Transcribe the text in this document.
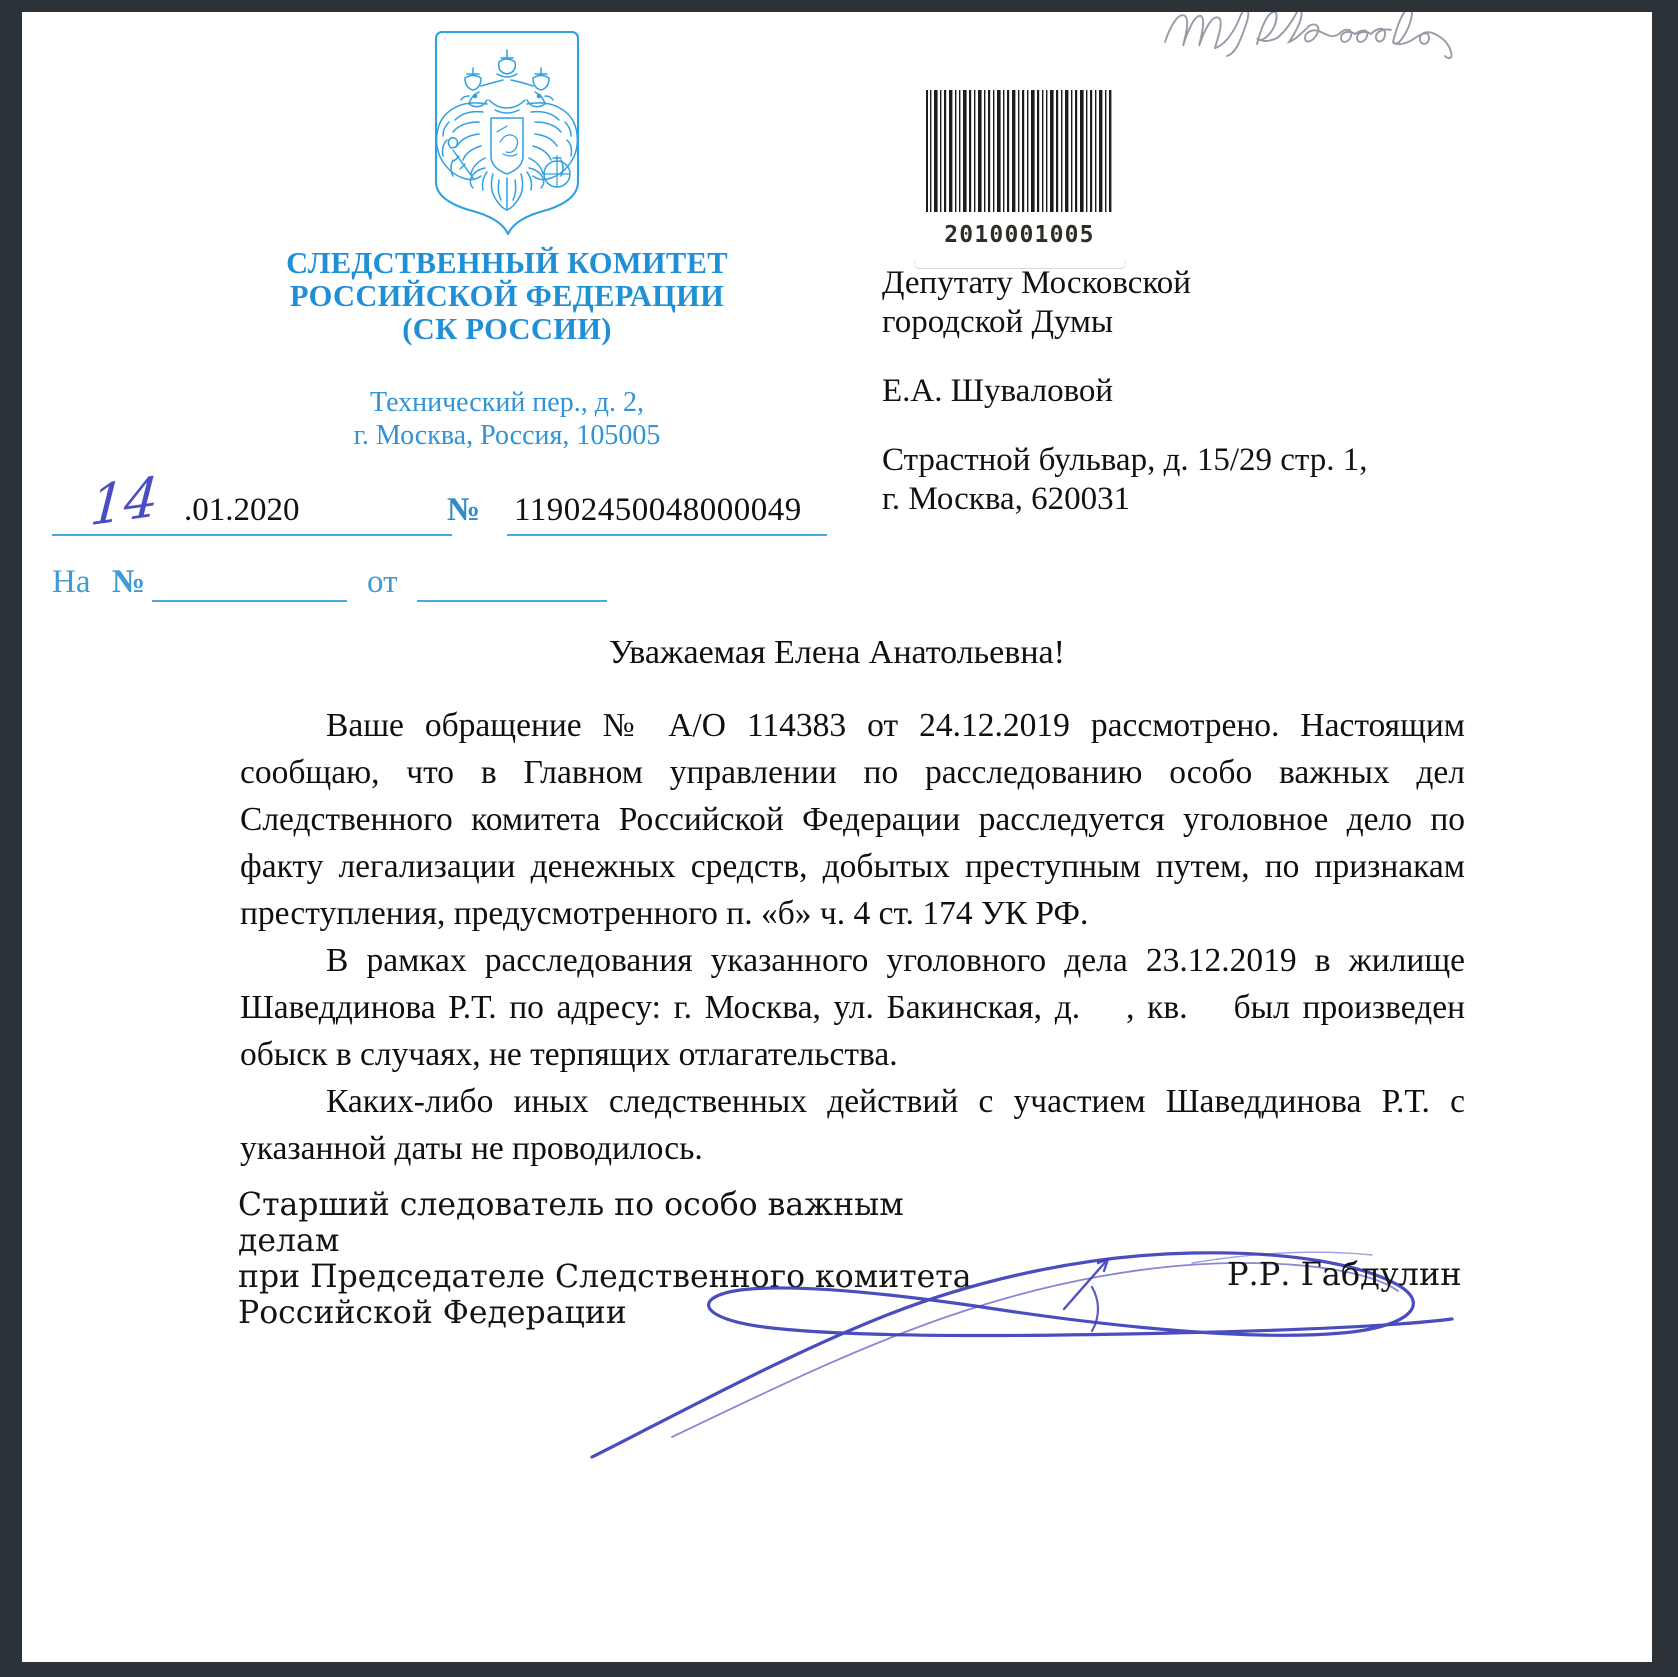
СЛЕДСТВЕННЫЙ КОМИТЕТ
РОССИЙСКОЙ ФЕДЕРАЦИИ
(СК РОССИИ)
Технический пер., д. 2,
г. Москва, Россия, 105005
14 .01.2020	№ 11902450048000049
На №	от
2010001005
Депутату Московской
городской Думы
Е.А. Шуваловой
Страстной бульвар, д. 15/29 стр. 1,
г. Москва, 620031
Уважаемая Елена Анатольевна!

Ваше обращение № А/О 114383 от 24.12.2019 рассмотрено. Настоящим сообщаю, что в Главном управлении по расследованию особо важных дел Следственного комитета Российской Федерации расследуется уголовное дело по факту легализации денежных средств, добытых преступным путем, по признакам преступления, предусмотренного п. «б» ч. 4 ст. 174 УК РФ.

В рамках расследования указанного уголовного дела 23.12.2019 в жилище Шаведдинова Р.Т. по адресу: г. Москва, ул. Бакинская, д. , кв. был произведен обыск в случаях, не терпящих отлагательства.

Каких-либо иных следственных действий с участием Шаведдинова Р.Т. с указанной даты не проводилось.

Старший следователь по особо важным делам
при Председателе Следственного комитета
Российской Федерации
Р.Р. Габдулин
